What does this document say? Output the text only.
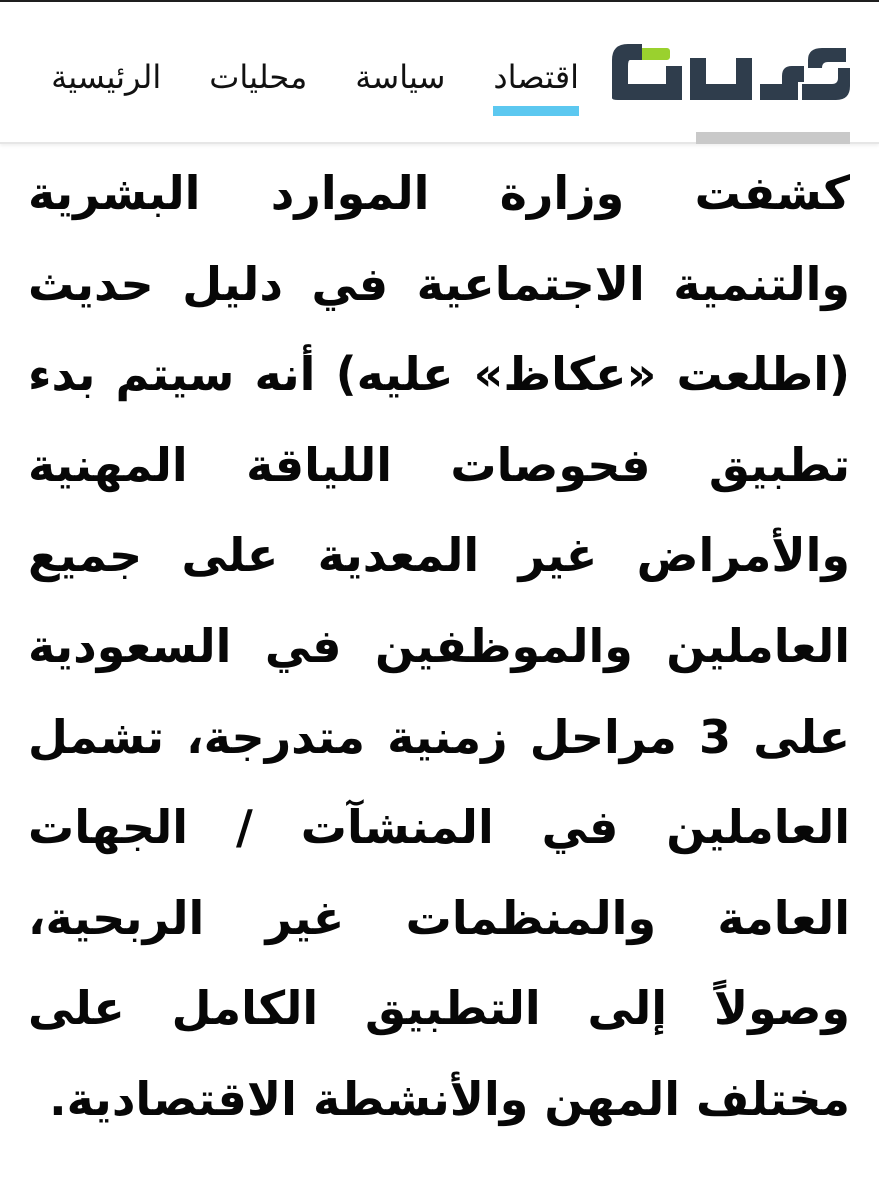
الرئيسية محليات سياسة اقتصاد

كشفت وزارة الموارد البشرية والتنمية الاجتماعية في دليل حديث (اطلعت «عكاظ» عليه) أنه سيتم بدء تطبيق فحوصات اللياقة المهنية والأمراض غير المعدية على جميع العاملين والموظفين في السعودية على 3 مراحل زمنية متدرجة، تشمل العاملين في المنشآت / الجهات العامة والمنظمات غير الربحية، وصولاً إلى التطبيق الكامل على مختلف المهن والأنشطة الاقتصادية.
